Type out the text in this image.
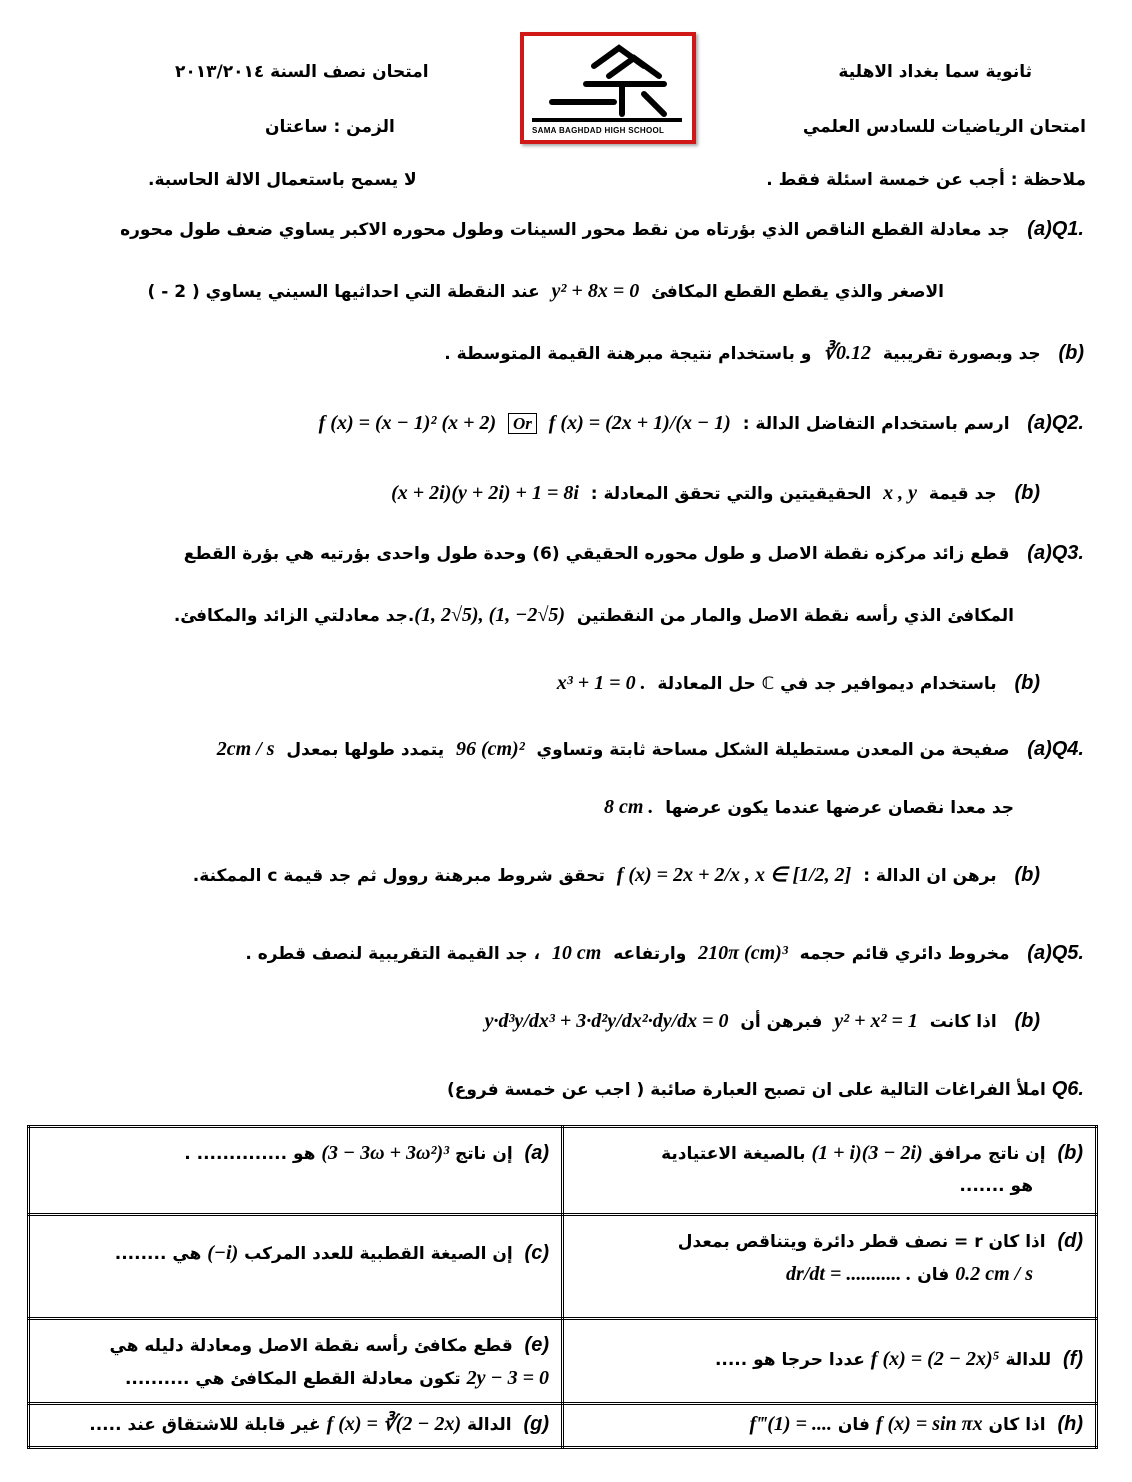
ثانوية سما بغداد الاهلية
امتحان نصف السنة ٢٠١٣/٢٠١٤
امتحان الرياضيات للسادس العلمي
الزمن : ساعتان
ملاحظة : أجب عن خمسة اسئلة فقط .
لا يسمح باستعمال الالة الحاسبة.
SAMA BAGHDAD HIGH SCHOOL
Q1.(a)   جد معادلة القطع الناقص الذي بؤرتاه من نقط محور السينات وطول محوره الاكبر يساوي ضعف طول محوره
الاصغر والذي يقطع القطع المكافئ  y² + 8x = 0  عند النقطة التي احداثيها السيني يساوي ( 2 - )
(b)   جد وبصورة تقريبية  ∛0.12  و باستخدام نتيجة مبرهنة القيمة المتوسطة .
Q2.(a)   ارسم باستخدام التفاضل الدالة :  f (x) = (2x + 1)/(x − 1)  Or  f (x) = (x − 1)² (x + 2)
(b)   جد قيمة  x , y  الحقيقيتين والتي تحقق المعادلة :  (x + 2i)(y + 2i) + 1 = 8i
Q3.(a)   قطع زائد مركزه نقطة الاصل و طول محوره الحقيقي (6) وحدة طول واحدى بؤرتيه هي بؤرة القطع
المكافئ الذي رأسه نقطة الاصل والمار من النقطتين  (1, 2√5), (1, −2√5).جد معادلتي الزائد والمكافئ.
(b)   باستخدام ديموافير جد في ℂ حل المعادلة  x³ + 1 = 0 .
Q4.(a)   صفيحة من المعدن مستطيلة الشكل مساحة ثابتة وتساوي  96 (cm)²  يتمدد طولها بمعدل  2cm / s
جد معدا نقصان عرضها عندما يكون عرضها  8 cm .
(b)   برهن ان الدالة :  f (x) = 2x + 2/x , x ∈ [1/2, 2]  تحقق شروط مبرهنة روول ثم جد قيمة c الممكنة.
Q5.(a)   مخروط دائري قائم حجمه  210π (cm)³  وارتفاعه  10 cm  ، جد القيمة التقريبية لنصف قطره .
(b)   اذا كانت  y² + x² = 1  فبرهن أن  y·d³y/dx³ + 3·d²y/dx²·dy/dx = 0
Q6. املأ الفراغات التالية على ان تصبح العبارة صائبة ( اجب عن خمسة فروع)
(a)  إن ناتج (3 − 3ω + 3ω²)³ هو .............. .	(b)  إن ناتج مرافق (1 + i)(3 − 2i) بالصيغة الاعتيادية
هو .......

(c)  إن الصيغة القطبية للعدد المركب (−i) هي ........	(d)  اذا كان r = نصف قطر دائرة ويتناقص بمعدل
0.2 cm / s فان dr/dt = ........... .

(e)  قطع مكافئ رأسه نقطة الاصل ومعادلة دليله هي
2y − 3 = 0 تكون معادلة القطع المكافئ هي ..........	(f)  للدالة f (x) = (2 − 2x)⁵ عددا حرجا هو .....

(g)  الدالة f (x) = ∛(2 − 2x) غير قابلة للاشتقاق عند .....	(h)  اذا كان f (x) = sin πx فان f‴(1) = ....
